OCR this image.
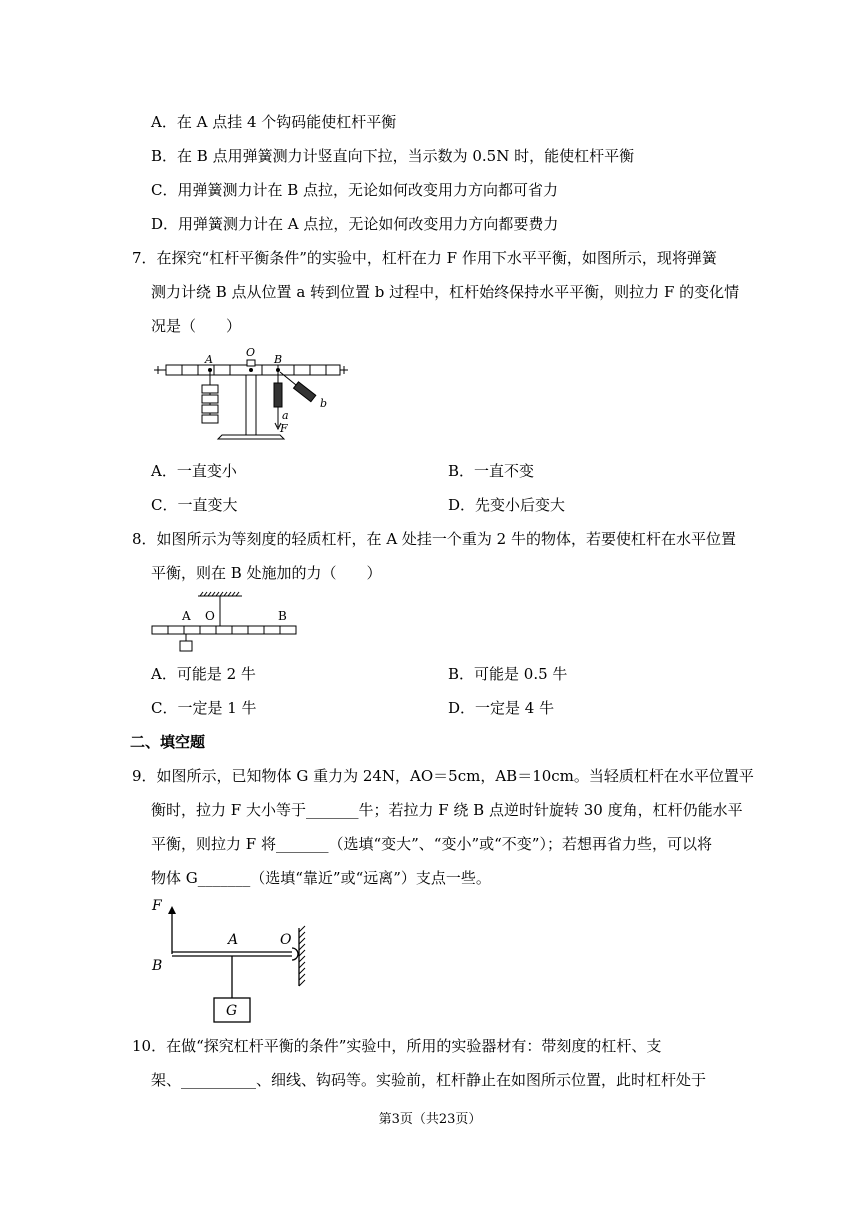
A．在 A 点挂 4 个钩码能使杠杆平衡
B．在 B 点用弹簧测力计竖直向下拉，当示数为 0.5N 时，能使杠杆平衡
C．用弹簧测力计在 B 点拉，无论如何改变用力方向都可省力
D．用弹簧测力计在 A 点拉，无论如何改变用力方向都要费力
7．在探究“杠杆平衡条件”的实验中，杠杆在力 F 作用下水平平衡，如图所示，现将弹簧
测力计绕 B 点从位置 a 转到位置 b 过程中，杠杆始终保持水平平衡，则拉力 F 的变化情
况是（　　）
O
A	B
a
F
b
A．一直变小	B．一直不变
C．一直变大	D．先变小后变大
8．如图所示为等刻度的轻质杠杆，在 A 处挂一个重为 2 牛的物体，若要使杠杆在水平位置
平衡，则在 B 处施加的力（　　）
A O	B
A．可能是 2 牛	B．可能是 0.5 牛
C．一定是 1 牛	D．一定是 4 牛
二、填空题
9．如图所示，已知物体 G 重力为 24N，AO＝5cm，AB＝10cm。当轻质杠杆在水平位置平
衡时，拉力 F 大小等于_______牛；若拉力 F 绕 B 点逆时针旋转 30 度角，杠杆仍能水平
平衡，则拉力 F 将_______（选填“变大”、“变小”或“不变”）；若想再省力些，可以将
物体 G_______（选填“靠近”或“远离”）支点一些。
F
B
A	O
G
10．在做“探究杠杆平衡的条件”实验中，所用的实验器材有：带刻度的杠杆、支
架、__________、细线、钩码等。实验前，杠杆静止在如图所示位置，此时杠杆处于
第3页（共23页）
